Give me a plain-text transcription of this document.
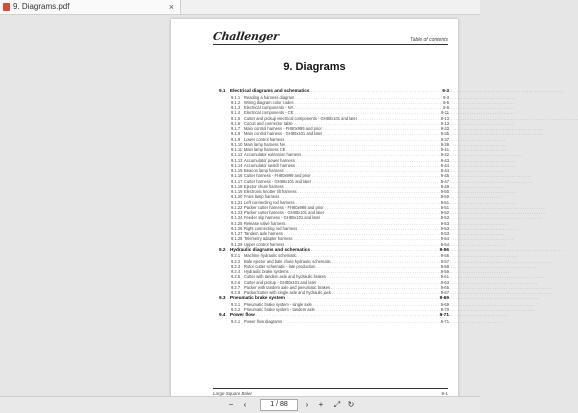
9. Diagrams.pdf	×
Challenger	Table of contents
9. Diagrams
9.1 Electrical diagrams and schematics . . .	9-3
9.1.1 Reading a harness diagram . . .	9-3
9.1.2 Wiring diagram color codes . . .	9-5
9.1.3 Electrical components - NA . . .	9-8
9.1.4 Electrical components - CE . . .	9-11
9.1.5 Cutter and pickup electrical components - GH80x101 and later . . .	9-13
9.1.6 Circuit and connector table . . .	9-13
9.1.7 Main control harness - FH80x999 and prior . . .	9-33
9.1.8 Main control harness - GH80x101 and later . . .	9-35
9.1.9 Lower control harness . . .	9-37
9.1.10 Main lamp harness NA . . .	9-39
9.1.11 Main lamp harness CE . . .	9-41
9.1.12 Accumulator extension harness . . .	9-42
9.1.13 Accumulator power harness . . .	9-43
9.1.14 Accumulator switch harness . . .	9-44
9.1.15 Beacon lamp harness . . .	9-44
9.1.16 Cutter harness - FH80x999 and prior . . .	9-45
9.1.17 Cutter harness - GH80x101 and later . . .	9-47
9.1.18 Ejector chute harness . . .	9-49
9.1.19 Electronic knotter tilt harness . . .	9-50
9.1.20 Front lamp harness . . .	9-50
9.1.21 Left connecting rod harness . . .	9-51
9.1.22 Packer cutter harness - FH80x999 and prior . . .	9-51
9.1.23 Packer cutter harness - GH80x101 and later . . .	9-52
9.1.24 Feeder slip harness - GH80x101 and later . . .	9-53
9.1.25 Release valve harness . . .	9-53
9.1.26 Right connecting rod harness . . .	9-53
9.1.27 Tandem axle harness . . .	9-53
9.1.28 Telemetry adapter harness . . .	9-54
9.1.29 Upper control harness . . .	9-54
9.2 Hydraulic diagrams and schematics . . .	9-56
9.2.1 Machine hydraulic schematic . . .	9-56
9.2.2 Bale ejector and bale chute hydraulic schematic . . .	9-57
9.2.3 Rotor cutter schematic - late production . . .	9-58
9.2.4 Hydraulic brake systems . . .	9-59
9.2.5 Cutter with tandem axle and hydraulic brakes . . .	9-61
9.2.6 Cutter and pickup - GH80x101 and later . . .	9-63
9.2.7 Packer with tandem axle and pneumatic brakes . . .	9-65
9.2.8 Packer/cutter with single axle and hydraulic jack . . .	9-67
9.3 Pneumatic brake system . . .	9-69
9.3.1 Pneumatic brake system - single axle . . .	9-69
9.3.2 Pneumatic brake system - tandem axle . . .	9-70
9.4 Power flow . . .	9-71
9.4.1 Power flow diagrams . . .	9-71
Large Square Baler	9-1
−	‹	1 / 88	›	+	⤢ ↻
